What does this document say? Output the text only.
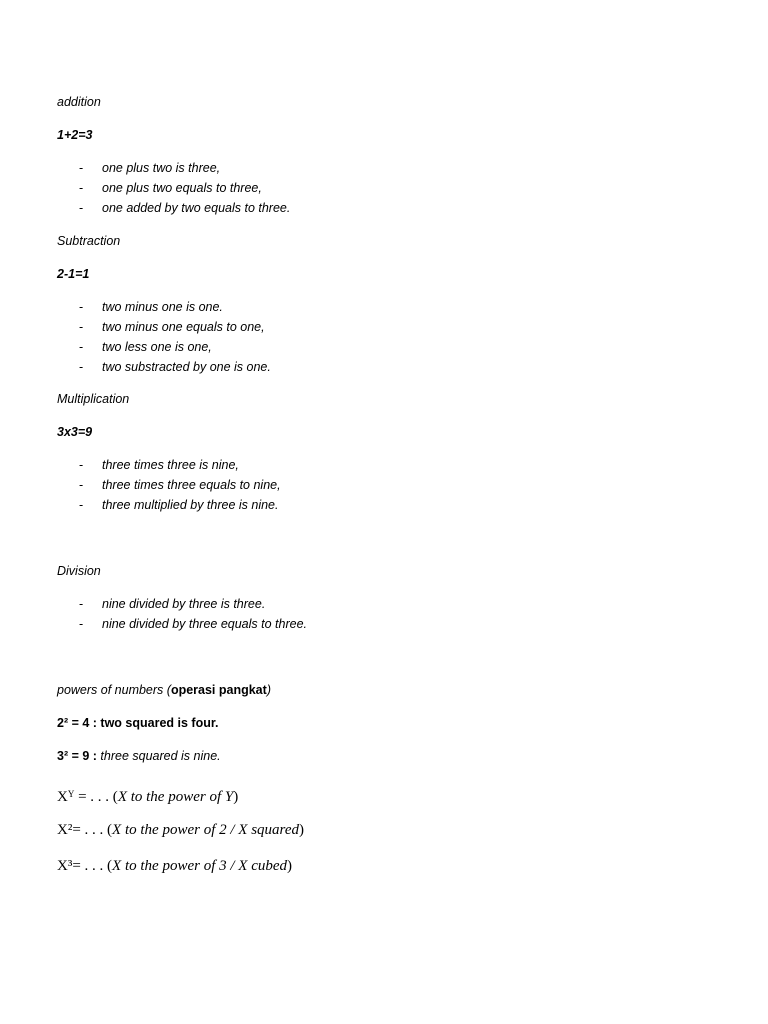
addition
1+2=3
- one plus two is three,
- one plus two equals to three,
- one added by two equals to three.
Subtraction
2-1=1
- two minus one is one.
- two minus one equals to one,
- two less one is one,
- two substracted by one is one.
Multiplication
3x3=9
- three times three is nine,
- three times three equals to nine,
- three multiplied by three is nine.
Division
- nine divided by three is three.
- nine divided by three equals to three.
powers of numbers (operasi pangkat)
2² = 4 : two squared is four.
3² = 9 : three squared is nine.
$X^Y$ = . . . (X to the power of Y)
X²= . . . (X to the power of 2 / X squared)
X³= . . . (X to the power of 3 / X cubed)
